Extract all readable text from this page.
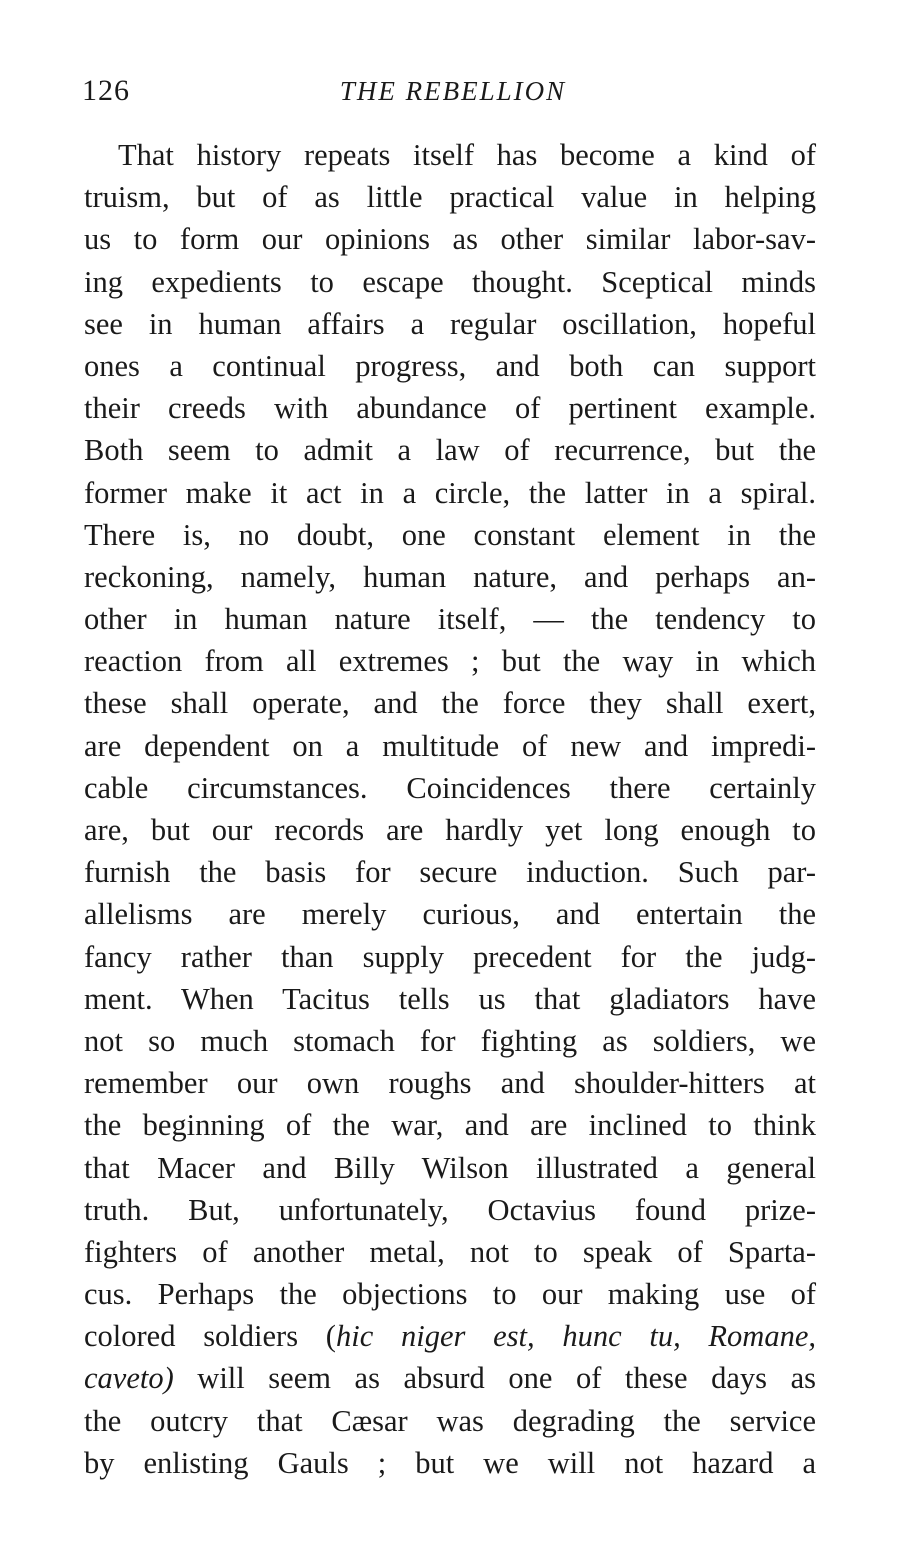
126	THE REBELLION
That history repeats itself has become a kind of
truism, but of as little practical value in helping
us to form our opinions as other similar labor-sav-
ing expedients to escape thought. Sceptical minds
see in human affairs a regular oscillation, hopeful
ones a continual progress, and both can support
their creeds with abundance of pertinent example.
Both seem to admit a law of recurrence, but the
former make it act in a circle, the latter in a spiral.
There is, no doubt, one constant element in the
reckoning, namely, human nature, and perhaps an-
other in human nature itself, — the tendency to
reaction from all extremes ; but the way in which
these shall operate, and the force they shall exert,
are dependent on a multitude of new and impredi-
cable circumstances. Coincidences there certainly
are, but our records are hardly yet long enough to
furnish the basis for secure induction. Such par-
allelisms are merely curious, and entertain the
fancy rather than supply precedent for the judg-
ment. When Tacitus tells us that gladiators have
not so much stomach for fighting as soldiers, we
remember our own roughs and shoulder-hitters at
the beginning of the war, and are inclined to think
that Macer and Billy Wilson illustrated a general
truth. But, unfortunately, Octavius found prize-
fighters of another metal, not to speak of Sparta-
cus. Perhaps the objections to our making use of
colored soldiers (hic niger est, hunc tu, Romane,
caveto) will seem as absurd one of these days as
the outcry that Cæsar was degrading the service
by enlisting Gauls ; but we will not hazard a
